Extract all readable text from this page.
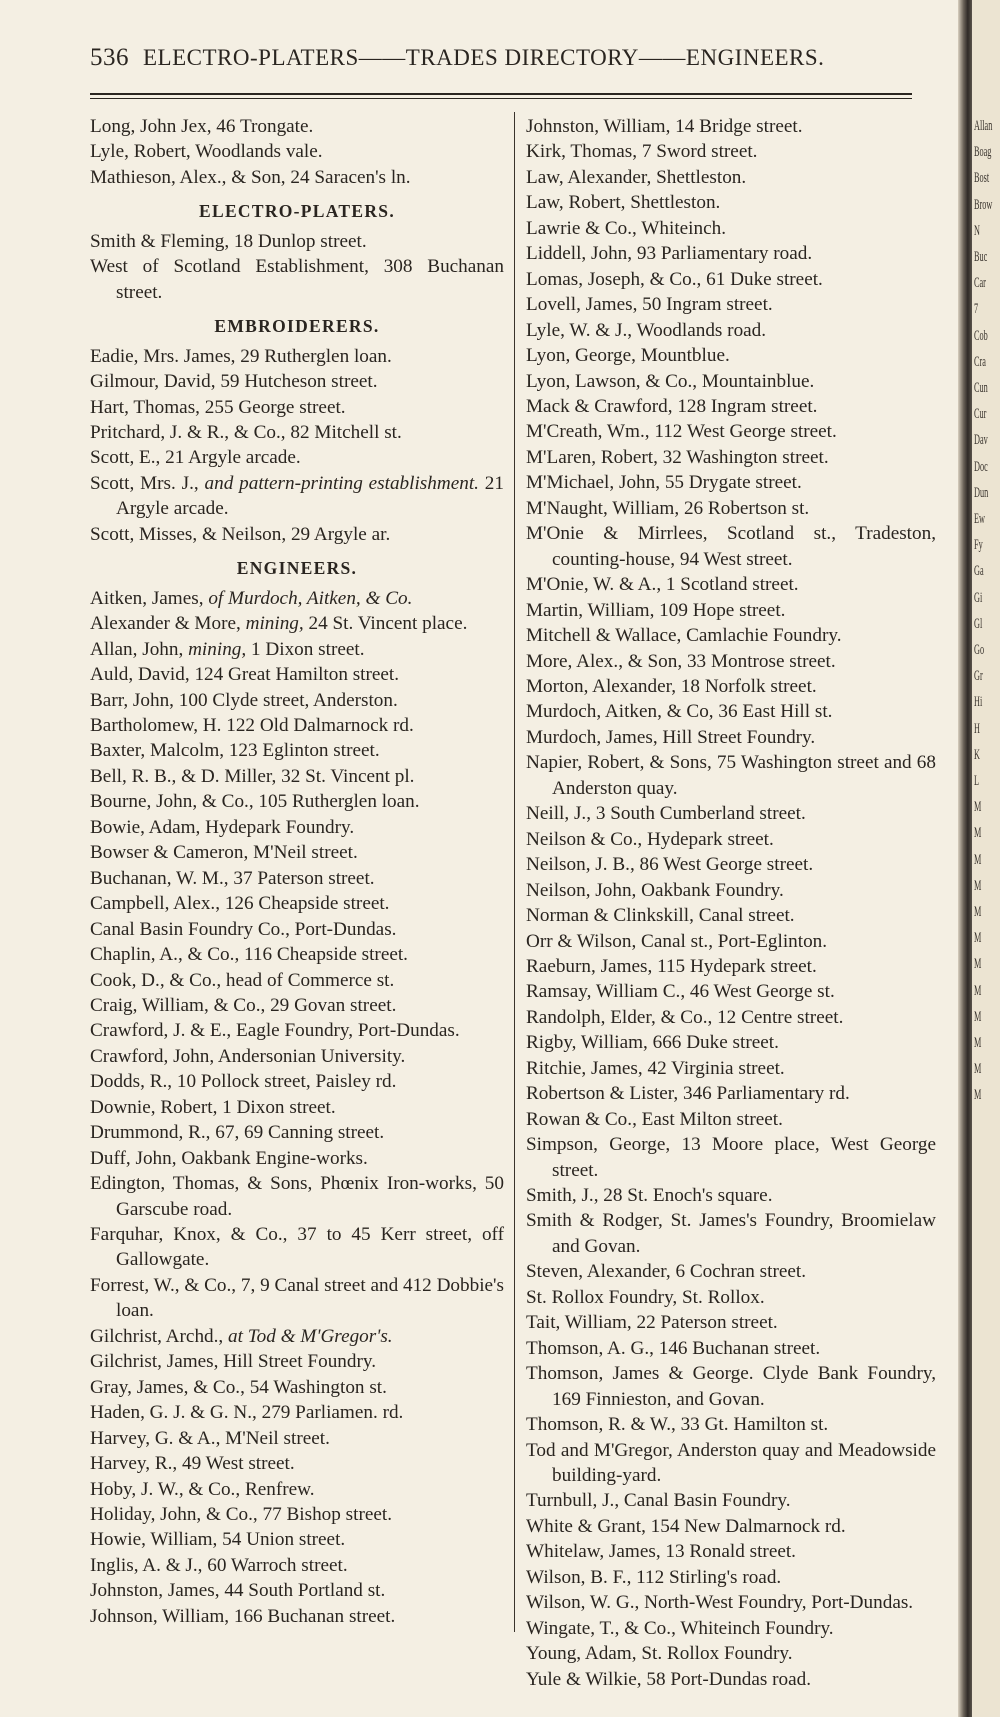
536 ELECTRO-PLATERS——TRADES DIRECTORY——ENGINEERS.
Long, John Jex, 46 Trongate.
Lyle, Robert, Woodlands vale.
Mathieson, Alex., & Son, 24 Saracen's ln.
ELECTRO-PLATERS.
Smith & Fleming, 18 Dunlop street.
West of Scotland Establishment, 308 Buchanan street.
EMBROIDERERS.
Eadie, Mrs. James, 29 Rutherglen loan.
Gilmour, David, 59 Hutcheson street.
Hart, Thomas, 255 George street.
Pritchard, J. & R., & Co., 82 Mitchell st.
Scott, E., 21 Argyle arcade.
Scott, Mrs. J., and pattern-printing establishment. 21 Argyle arcade.
Scott, Misses, & Neilson, 29 Argyle ar.
ENGINEERS.
Aitken, James, of Murdoch, Aitken, & Co.
Alexander & More, mining, 24 St. Vincent place.
Allan, John, mining, 1 Dixon street.
Auld, David, 124 Great Hamilton street.
Barr, John, 100 Clyde street, Anderston.
Bartholomew, H. 122 Old Dalmarnock rd.
Baxter, Malcolm, 123 Eglinton street.
Bell, R. B., & D. Miller, 32 St. Vincent pl.
Bourne, John, & Co., 105 Rutherglen loan.
Bowie, Adam, Hydepark Foundry.
Bowser & Cameron, M'Neil street.
Buchanan, W. M., 37 Paterson street.
Campbell, Alex., 126 Cheapside street.
Canal Basin Foundry Co., Port-Dundas.
Chaplin, A., & Co., 116 Cheapside street.
Cook, D., & Co., head of Commerce st.
Craig, William, & Co., 29 Govan street.
Crawford, J. & E., Eagle Foundry, Port-Dundas.
Crawford, John, Andersonian University.
Dodds, R., 10 Pollock street, Paisley rd.
Downie, Robert, 1 Dixon street.
Drummond, R., 67, 69 Canning street.
Duff, John, Oakbank Engine-works.
Edington, Thomas, & Sons, Phœnix Iron-works, 50 Garscube road.
Farquhar, Knox, & Co., 37 to 45 Kerr street, off Gallowgate.
Forrest, W., & Co., 7, 9 Canal street and 412 Dobbie's loan.
Gilchrist, Archd., at Tod & M'Gregor's.
Gilchrist, James, Hill Street Foundry.
Gray, James, & Co., 54 Washington st.
Haden, G. J. & G. N., 279 Parliamen. rd.
Harvey, G. & A., M'Neil street.
Harvey, R., 49 West street.
Hoby, J. W., & Co., Renfrew.
Holiday, John, & Co., 77 Bishop street.
Howie, William, 54 Union street.
Inglis, A. & J., 60 Warroch street.
Johnston, James, 44 South Portland st.
Johnson, William, 166 Buchanan street.
Johnston, William, 14 Bridge street.
Kirk, Thomas, 7 Sword street.
Law, Alexander, Shettleston.
Law, Robert, Shettleston.
Lawrie & Co., Whiteinch.
Liddell, John, 93 Parliamentary road.
Lomas, Joseph, & Co., 61 Duke street.
Lovell, James, 50 Ingram street.
Lyle, W. & J., Woodlands road.
Lyon, George, Mountblue.
Lyon, Lawson, & Co., Mountainblue.
Mack & Crawford, 128 Ingram street.
M'Creath, Wm., 112 West George street.
M'Laren, Robert, 32 Washington street.
M'Michael, John, 55 Drygate street.
M'Naught, William, 26 Robertson st.
M'Onie & Mirrlees, Scotland st., Tradeston, counting-house, 94 West street.
M'Onie, W. & A., 1 Scotland street.
Martin, William, 109 Hope street.
Mitchell & Wallace, Camlachie Foundry.
More, Alex., & Son, 33 Montrose street.
Morton, Alexander, 18 Norfolk street.
Murdoch, Aitken, & Co, 36 East Hill st.
Murdoch, James, Hill Street Foundry.
Napier, Robert, & Sons, 75 Washington street and 68 Anderston quay.
Neill, J., 3 South Cumberland street.
Neilson & Co., Hydepark street.
Neilson, J. B., 86 West George street.
Neilson, John, Oakbank Foundry.
Norman & Clinkskill, Canal street.
Orr & Wilson, Canal st., Port-Eglinton.
Raeburn, James, 115 Hydepark street.
Ramsay, William C., 46 West George st.
Randolph, Elder, & Co., 12 Centre street.
Rigby, William, 666 Duke street.
Ritchie, James, 42 Virginia street.
Robertson & Lister, 346 Parliamentary rd.
Rowan & Co., East Milton street.
Simpson, George, 13 Moore place, West George street.
Smith, J., 28 St. Enoch's square.
Smith & Rodger, St. James's Foundry, Broomielaw and Govan.
Steven, Alexander, 6 Cochran street.
St. Rollox Foundry, St. Rollox.
Tait, William, 22 Paterson street.
Thomson, A. G., 146 Buchanan street.
Thomson, James & George. Clyde Bank Foundry, 169 Finnieston, and Govan.
Thomson, R. & W., 33 Gt. Hamilton st.
Tod and M'Gregor, Anderston quay and Meadowside building-yard.
Turnbull, J., Canal Basin Foundry.
White & Grant, 154 New Dalmarnock rd.
Whitelaw, James, 13 Ronald street.
Wilson, B. F., 112 Stirling's road.
Wilson, W. G., North-West Foundry, Port-Dundas.
Wingate, T., & Co., Whiteinch Foundry.
Young, Adam, St. Rollox Foundry.
Yule & Wilkie, 58 Port-Dundas road.
Allan
Boag
Bost
Brow
N
Buc
Car
7
Cob
Cra
Cun
Cur
Dav
Doc
Dun
Ew
Fy
Ga
Gi
Gl
Go
Gr
Hi
H
K
L
M
M
M
M
M
M
M
M
M
M
M
M
